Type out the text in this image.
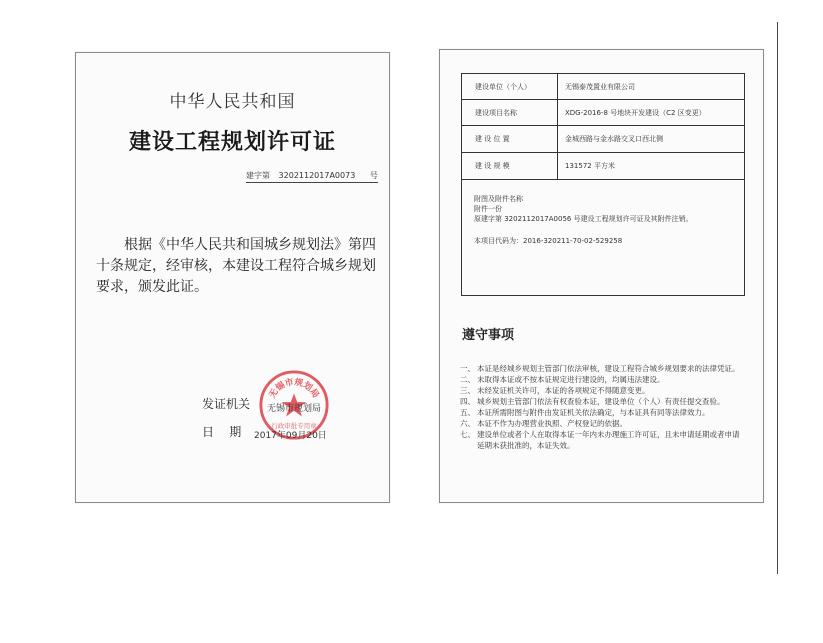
中华人民共和国
建设工程规划许可证
建字第 3202112017A0073 号

根据《中华人民共和国城乡规划法》第四十条规定，经审核，本建设工程符合城乡规划要求，颁发此证。

无锡市规划局
行政审批专用章
发证机关 无锡市规划局
日    期 2017年09月20日
建设单位（个人）	无锡泰茂置业有限公司
建设项目名称	XDG-2016-8 号地块开发建设（C2 区变更）
建 设 位 置	金城西路与金水路交叉口西北侧
建 设 规 模	131572 平方米
附图及附件名称
附件一份
原建字第 3202112017A0056 号建设工程规划许可证及其附件注销。
本项目代码为：2016-320211-70-02-529258
遵守事项
一、 本证是经城乡规划主管部门依法审核，建设工程符合城乡规划要求的法律凭证。
二、 未取得本证或不按本证规定进行建设的，均属违法建设。
三、 未经发证机关许可，本证的各项规定不得随意变更。
四、 城乡规划主管部门依法有权查验本证，建设单位（个人）有责任提交查验。
五、 本证所需附图与附件由发证机关依法确定，与本证具有同等法律效力。
六、 本证不作为办理营业执照、产权登记的依据。
七、 建设单位或者个人在取得本证一年内未办理施工许可证，且未申请延期或者申请延期未获批准的，本证失效。
